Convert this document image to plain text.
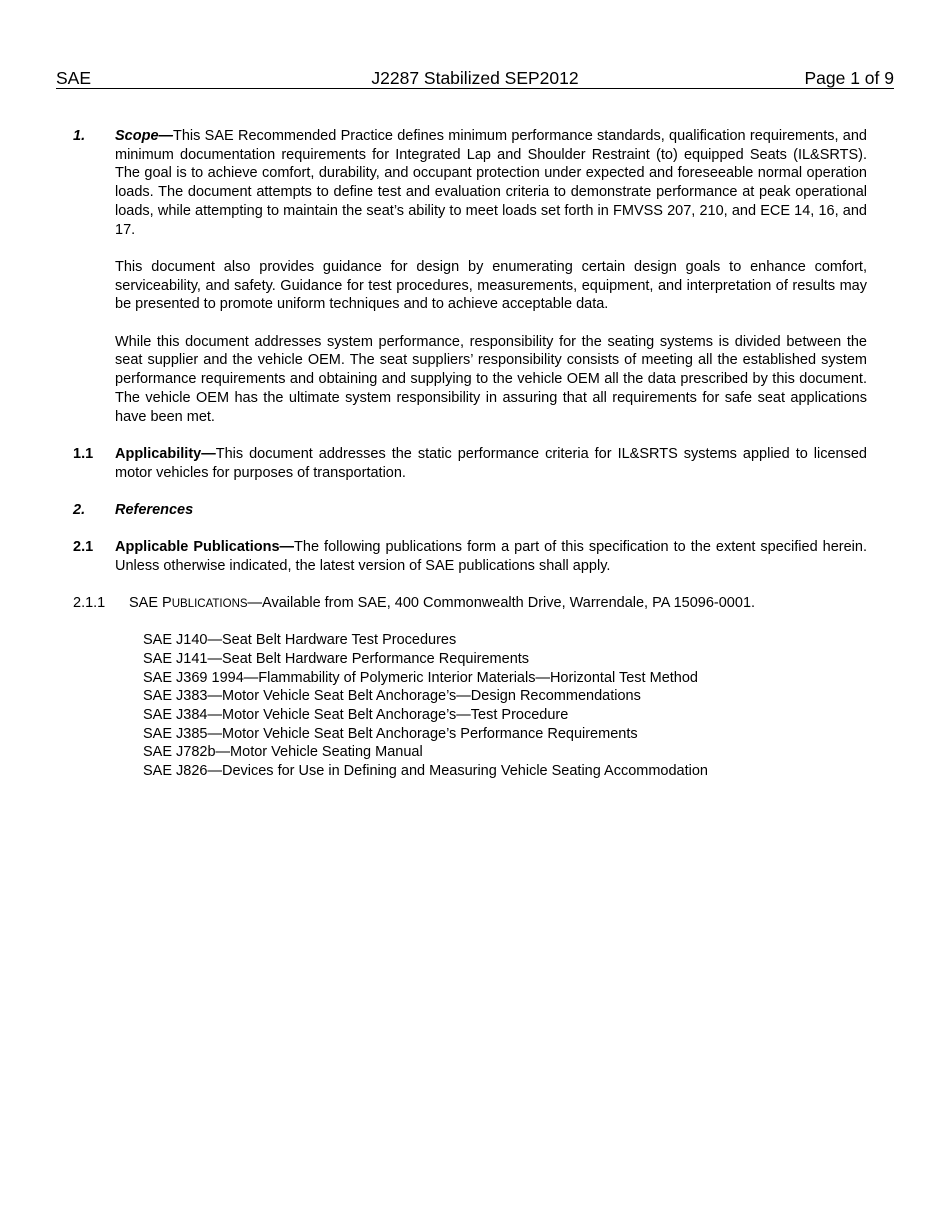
SAE	J2287 Stabilized SEP2012	Page 1 of 9
1.	Scope—This SAE Recommended Practice defines minimum performance standards, qualification requirements, and minimum documentation requirements for Integrated Lap and Shoulder Restraint (to) equipped Seats (IL&SRTS). The goal is to achieve comfort, durability, and occupant protection under expected and foreseeable normal operation loads. The document attempts to define test and evaluation criteria to demonstrate performance at peak operational loads, while attempting to maintain the seat’s ability to meet loads set forth in FMVSS 207, 210, and ECE 14, 16, and 17.
This document also provides guidance for design by enumerating certain design goals to enhance comfort, serviceability, and safety. Guidance for test procedures, measurements, equipment, and interpretation of results may be presented to promote uniform techniques and to achieve acceptable data.
While this document addresses system performance, responsibility for the seating systems is divided between the seat supplier and the vehicle OEM. The seat suppliers’ responsibility consists of meeting all the established system performance requirements and obtaining and supplying to the vehicle OEM all the data prescribed by this document. The vehicle OEM has the ultimate system responsibility in assuring that all requirements for safe seat applications have been met.
1.1	Applicability—This document addresses the static performance criteria for IL&SRTS systems applied to licensed motor vehicles for purposes of transportation.
2.	References
2.1	Applicable Publications—The following publications form a part of this specification to the extent specified herein. Unless otherwise indicated, the latest version of SAE publications shall apply.
2.1.1	SAE PUBLICATIONS—Available from SAE, 400 Commonwealth Drive, Warrendale, PA 15096-0001.
SAE J140—Seat Belt Hardware Test Procedures
SAE J141—Seat Belt Hardware Performance Requirements
SAE J369 1994—Flammability of Polymeric Interior Materials—Horizontal Test Method
SAE J383—Motor Vehicle Seat Belt Anchorage’s—Design Recommendations
SAE J384—Motor Vehicle Seat Belt Anchorage’s—Test Procedure
SAE J385—Motor Vehicle Seat Belt Anchorage’s Performance Requirements
SAE J782b—Motor Vehicle Seating Manual
SAE J826—Devices for Use in Defining and Measuring Vehicle Seating Accommodation
